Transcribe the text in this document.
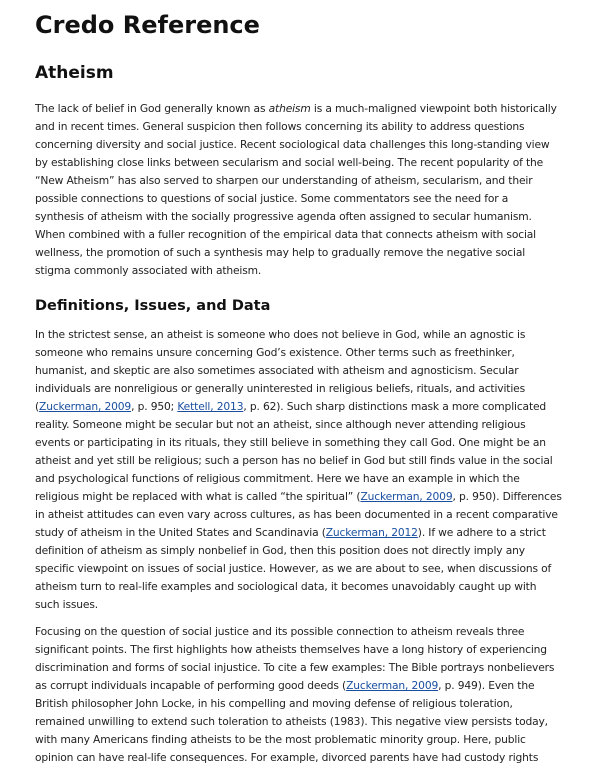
Credo Reference
Atheism

The lack of belief in God generally known as atheism is a much-maligned viewpoint both historically
and in recent times. General suspicion then follows concerning its ability to address questions
concerning diversity and social justice. Recent sociological data challenges this long-standing view
by establishing close links between secularism and social well-being. The recent popularity of the
“New Atheism” has also served to sharpen our understanding of atheism, secularism, and their
possible connections to questions of social justice. Some commentators see the need for a
synthesis of atheism with the socially progressive agenda often assigned to secular humanism.
When combined with a fuller recognition of the empirical data that connects atheism with social
wellness, the promotion of such a synthesis may help to gradually remove the negative social
stigma commonly associated with atheism.

Definitions, Issues, and Data

In the strictest sense, an atheist is someone who does not believe in God, while an agnostic is
someone who remains unsure concerning God’s existence. Other terms such as freethinker,
humanist, and skeptic are also sometimes associated with atheism and agnosticism. Secular
individuals are nonreligious or generally uninterested in religious beliefs, rituals, and activities
(Zuckerman, 2009, p. 950; Kettell, 2013, p. 62). Such sharp distinctions mask a more complicated
reality. Someone might be secular but not an atheist, since although never attending religious
events or participating in its rituals, they still believe in something they call God. One might be an
atheist and yet still be religious; such a person has no belief in God but still finds value in the social
and psychological functions of religious commitment. Here we have an example in which the
religious might be replaced with what is called “the spiritual” (Zuckerman, 2009, p. 950). Differences
in atheist attitudes can even vary across cultures, as has been documented in a recent comparative
study of atheism in the United States and Scandinavia (Zuckerman, 2012). If we adhere to a strict
definition of atheism as simply nonbelief in God, then this position does not directly imply any
specific viewpoint on issues of social justice. However, as we are about to see, when discussions of
atheism turn to real-life examples and sociological data, it becomes unavoidably caught up with
such issues.

Focusing on the question of social justice and its possible connection to atheism reveals three
significant points. The first highlights how atheists themselves have a long history of experiencing
discrimination and forms of social injustice. To cite a few examples: The Bible portrays nonbelievers
as corrupt individuals incapable of performing good deeds (Zuckerman, 2009, p. 949). Even the
British philosopher John Locke, in his compelling and moving defense of religious toleration,
remained unwilling to extend such toleration to atheists (1983). This negative view persists today,
with many Americans finding atheists to be the most problematic minority group. Here, public
opinion can have real-life consequences. For example, divorced parents have had custody rights
